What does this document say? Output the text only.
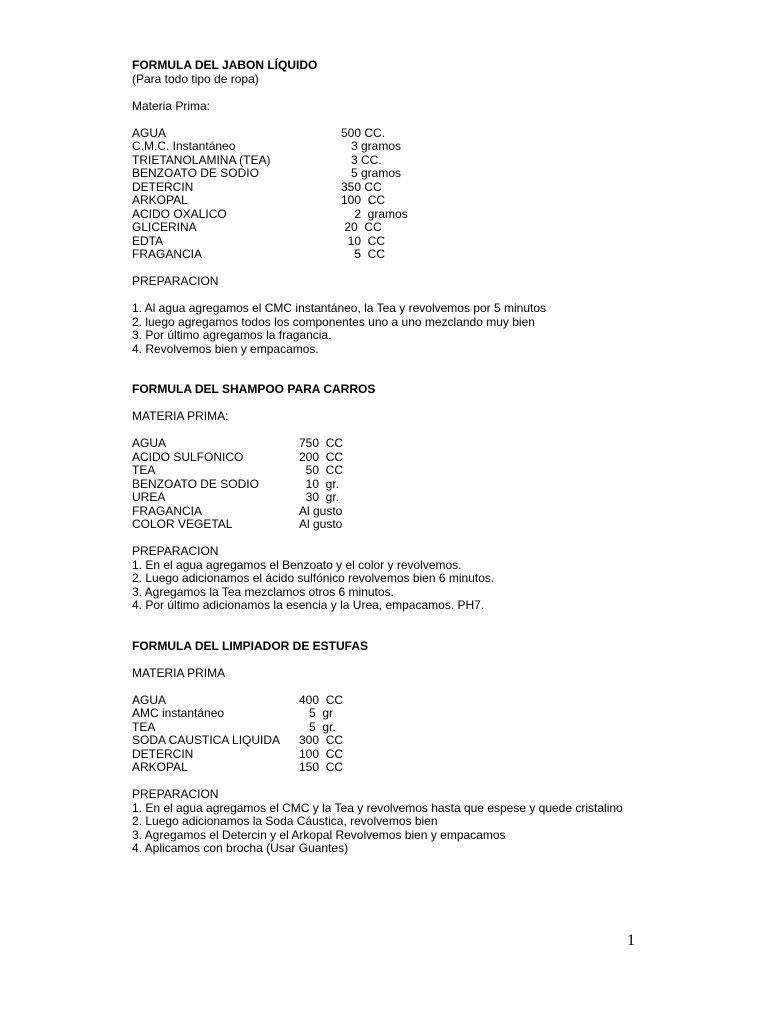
FORMULA DEL JABON LÍQUIDO
(Para todo tipo de ropa)
Materia Prima:
AGUA	500 CC.
C.M.C. Instantáneo	3 gramos
TRIETANOLAMINA (TEA)	3 CC.
BENZOATO DE SODIO	5 gramos
DETERCIN	350 CC
ARKOPAL	100  CC
ACIDO OXALICO	2  gramos
GLICERINA	20  CC
EDTA	10  CC
FRAGANCIA	5  CC
PREPARACION
1. Al agua agregamos el CMC instantáneo, la Tea y revolvemos por 5 minutos
2. luego agregamos todos los componentes uno a uno mezclando muy bien
3. Por último agregamos la fragancia.
4. Revolvemos bien y empacamos.
FORMULA DEL SHAMPOO PARA CARROS
MATERIA PRIMA:
AGUA	750  CC
ACIDO SULFONICO	200  CC
TEA	50  CC
BENZOATO DE SODIO	10  gr.
UREA	30  gr.
FRAGANCIA	Al gusto
COLOR VEGETAL	Al gusto
PREPARACION
1. En el agua agregamos el Benzoato y el color y revolvemos.
2. Luego adicionamos el ácido sulfónico revolvemos bien 6 minutos.
3. Agregamos la Tea mezclamos otros 6 minutos.
4. Por último adicionamos la esencia y la Urea, empacamos. PH7.
FORMULA DEL LIMPIADOR DE ESTUFAS
MATERIA PRIMA
AGUA	400  CC
AMC instantáneo	5  gr
TEA	5  gr.
SODA CAUSTICA LIQUIDA	300  CC
DETERCIN	100  CC
ARKOPAL	150  CC
PREPARACION
1. En el agua agregamos el CMC y la Tea y revolvemos hasta que espese y quede cristalino
2. Luego adicionamos la Soda Cáustica, revolvemos bien
3. Agregamos el Detercin y el Arkopal Revolvemos bien y empacamos
4. Aplicamos con brocha (Usar Guantes)
1
